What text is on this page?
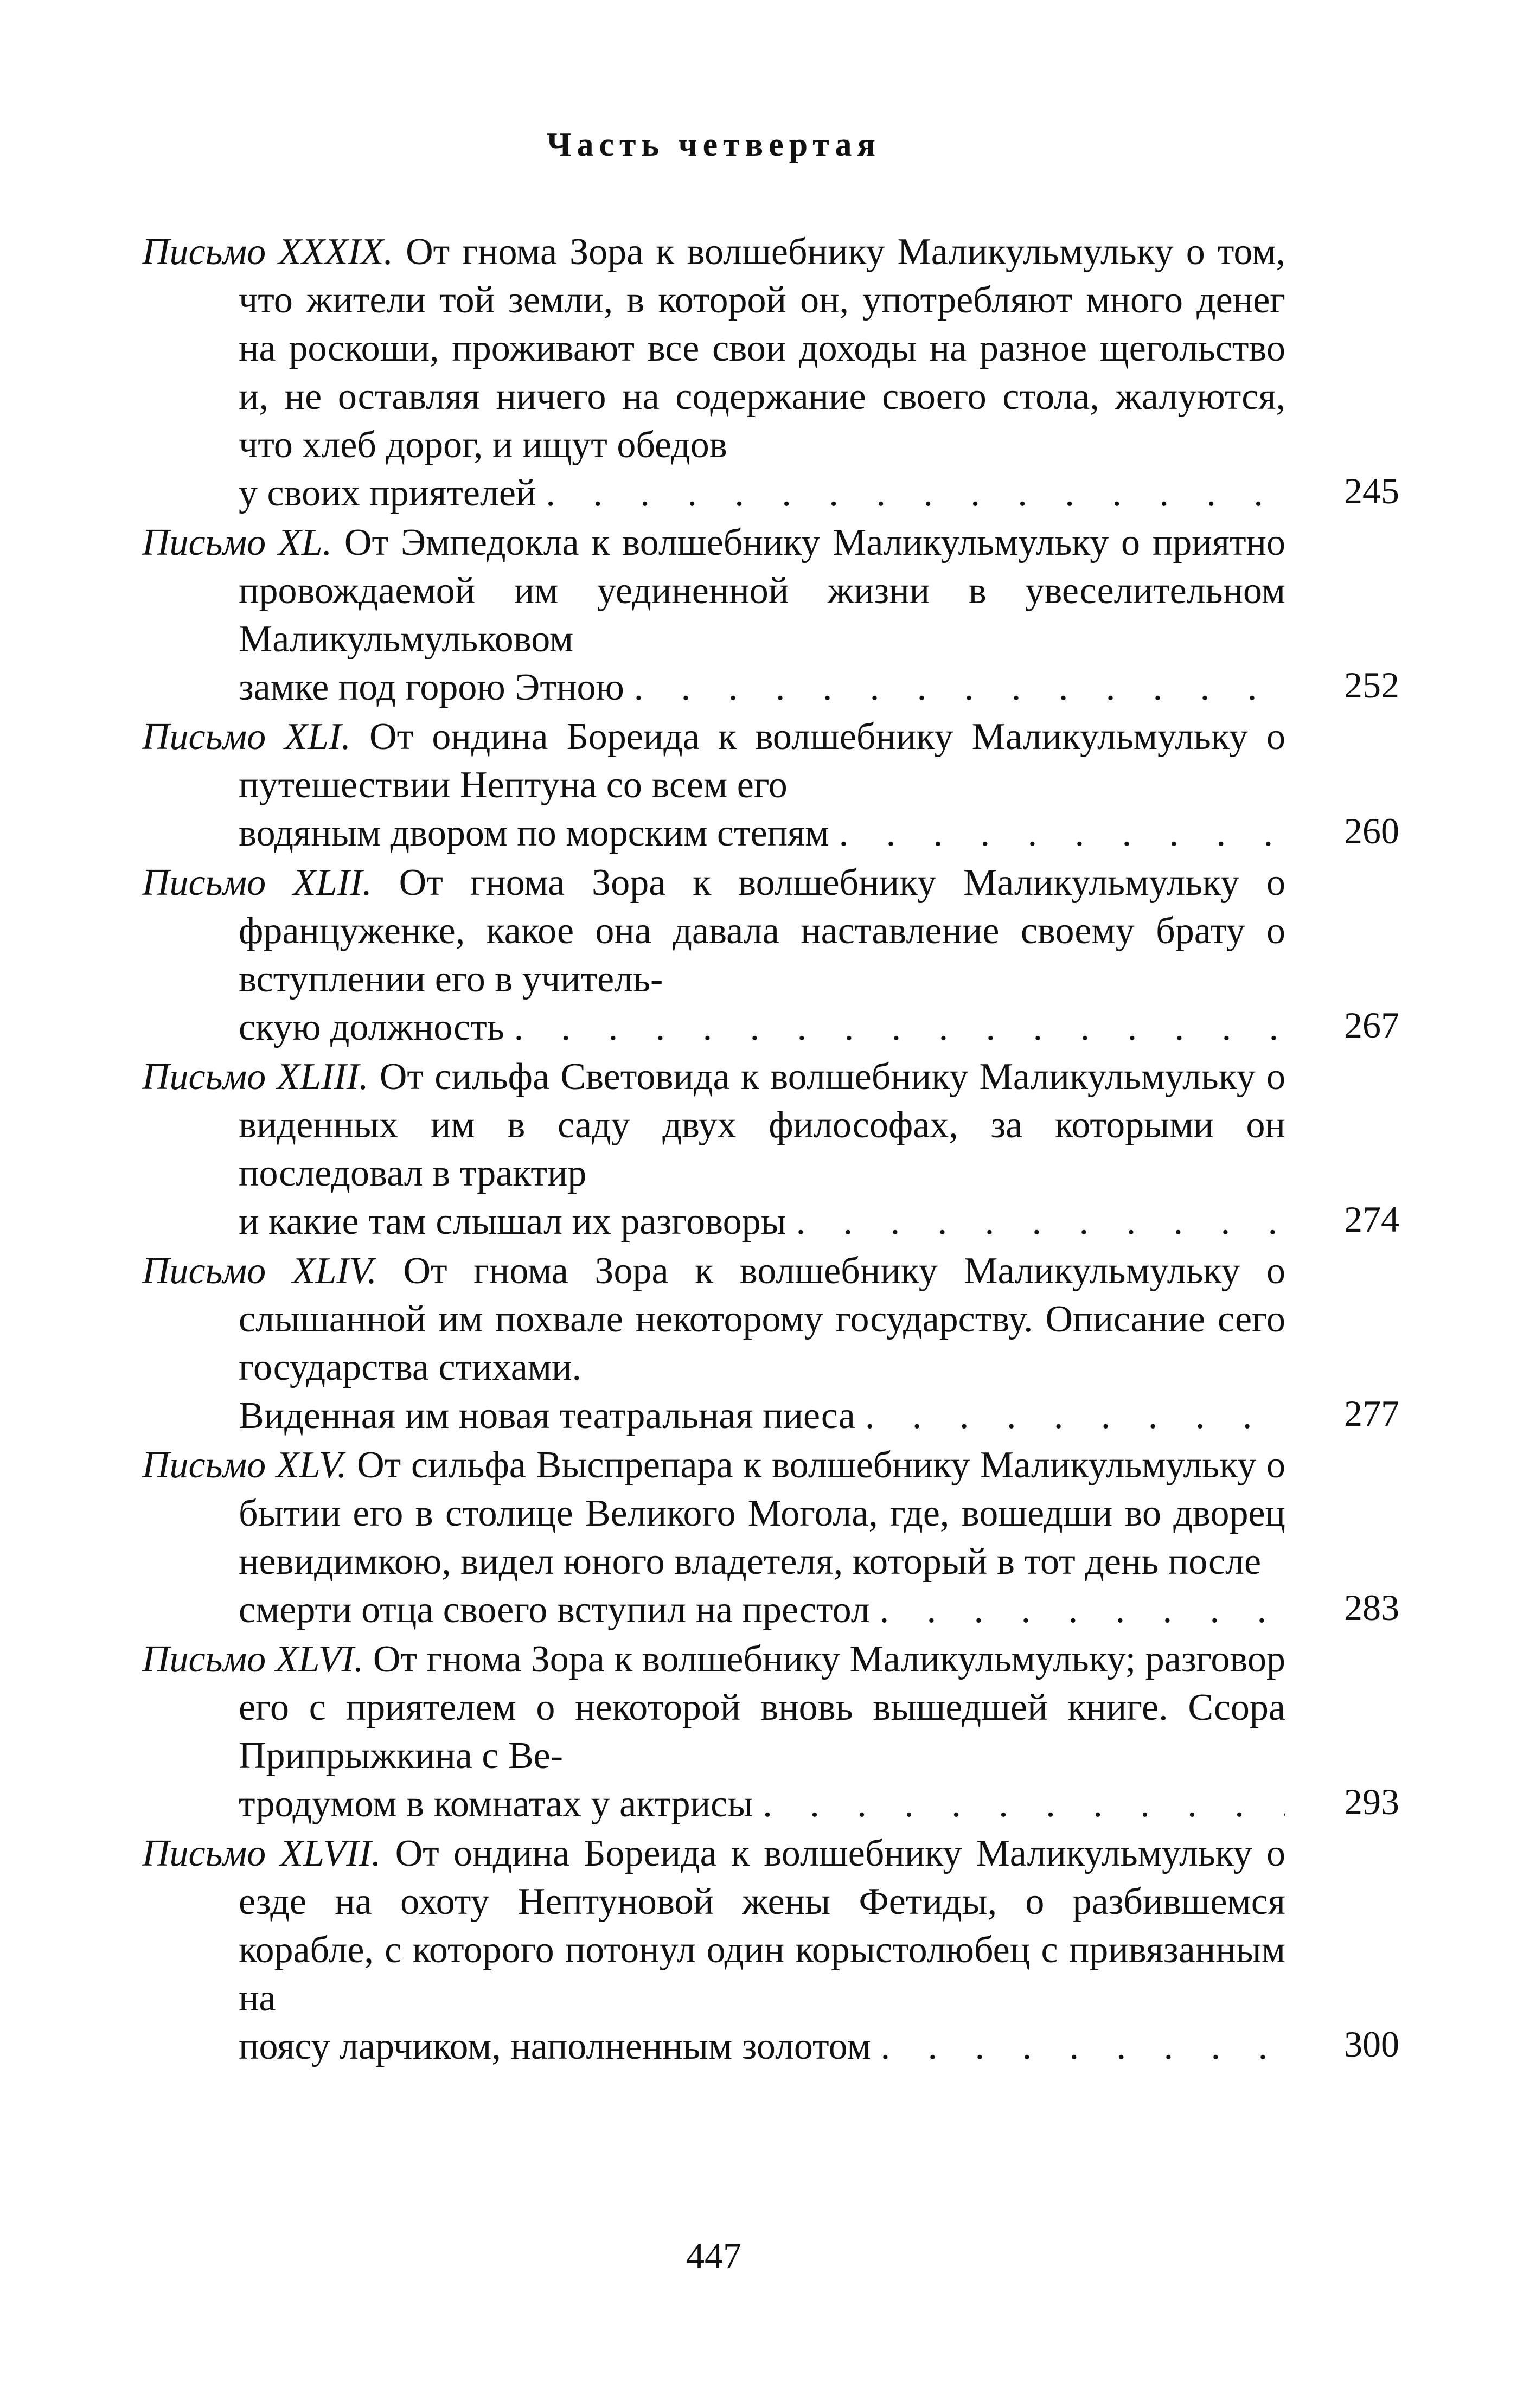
Часть четвертая
Письмо XXXIX. От гнома Зора к волшебнику Маликульмульку о том, что жители той земли, в которой он, употребляют много денег на роскоши, проживают все свои доходы на разное щегольство и, не оставляя ничего на содержание своего стола, жалуются, что хлеб дорог, и ищут обедов
у своих приятелей . . .	245
Письмо XL. От Эмпедокла к волшебнику Маликульмульку о приятно провождаемой им уединенной жизни в увеселительном Маликульмульковом
замке под горою Этною . . .	252
Письмо XLI. От ондина Бореида к волшебнику Маликульмульку о путешествии Нептуна со всем его
водяным двором по морским степям . . .	260
Письмо XLII. От гнома Зора к волшебнику Маликульмульку о француженке, какое она давала наставление своему брату о вступлении его в учитель-
скую должность . . .	267
Письмо XLIII. От сильфа Световида к волшебнику Маликульмульку о виденных им в саду двух философах, за которыми он последовал в трактир
и какие там слышал их разговоры . . .	274
Письмо XLIV. От гнома Зора к волшебнику Маликульмульку о слышанной им похвале некоторому государству. Описание сего государства стихами.
Виденная им новая театральная пиеса . . .	277
Письмо XLV. От сильфа Выспрепара к волшебнику Маликульмульку о бытии его в столице Великого Могола, где, вошедши во дворец невидимкою, видел юного владетеля, который в тот день после
смерти отца своего вступил на престол . . .	283
Письмо XLVI. От гнома Зора к волшебнику Маликульмульку; разговор его с приятелем о некоторой вновь вышедшей книге. Ссора Припрыжкина с Ве-
тродумом в комнатах у актрисы . . .	293
Письмо XLVII. От ондина Бореида к волшебнику Маликульмульку о езде на охоту Нептуновой жены Фетиды, о разбившемся корабле, с которого потонул один корыстолюбец с привязанным на
поясу ларчиком, наполненным золотом . . .	300
447
